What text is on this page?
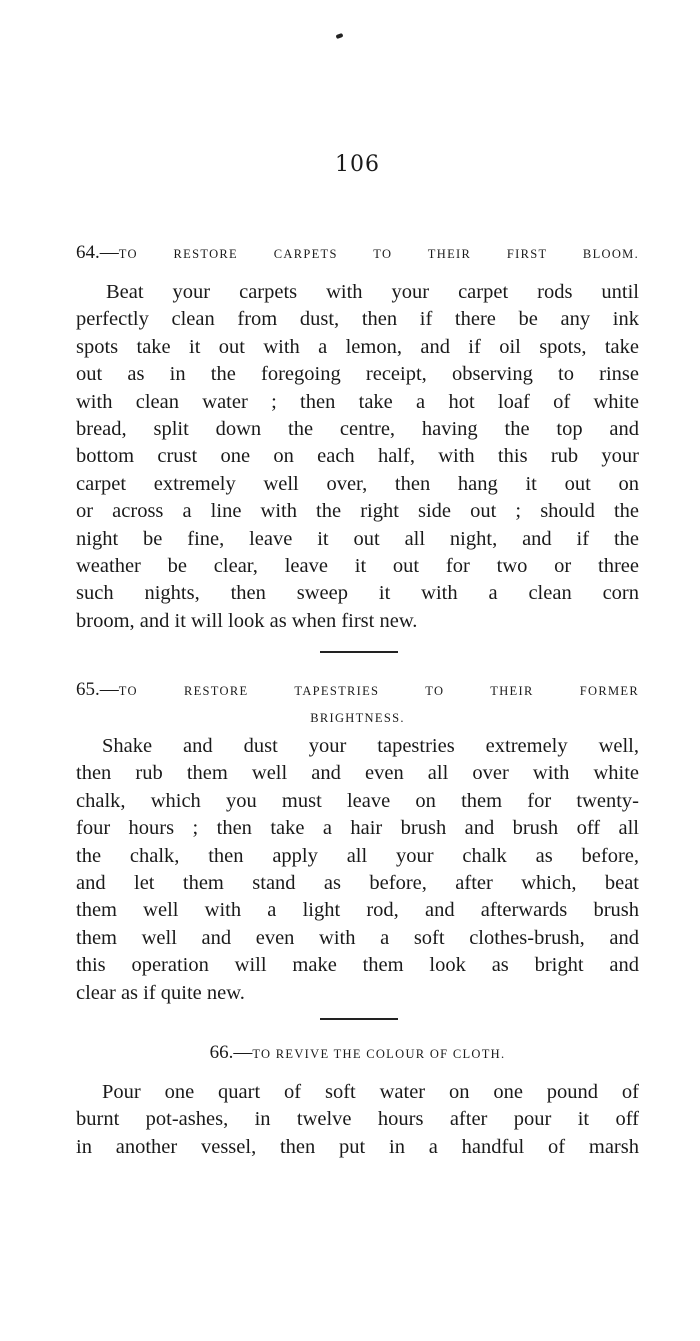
106
64.—TO RESTORE CARPETS TO THEIR FIRST BLOOM.
Beat your carpets with your carpet rods until
perfectly clean from dust, then if there be any ink
spots take it out with a lemon, and if oil spots, take
out as in the foregoing receipt, observing to rinse
with clean water ; then take a hot loaf of white
bread, split down the centre, having the top and
bottom crust one on each half, with this rub your
carpet extremely well over, then hang it out on
or across a line with the right side out ; should the
night be fine, leave it out all night, and if the
weather be clear, leave it out for two or three
such nights, then sweep it with a clean corn
broom, and it will look as when first new.
65.—TO RESTORE TAPESTRIES TO THEIR FORMER
BRIGHTNESS.
Shake and dust your tapestries extremely well,
then rub them well and even all over with white
chalk, which you must leave on them for twenty-
four hours ; then take a hair brush and brush off all
the chalk, then apply all your chalk as before,
and let them stand as before, after which, beat
them well with a light rod, and afterwards brush
them well and even with a soft clothes-brush, and
this operation will make them look as bright and
clear as if quite new.
66.—TO REVIVE THE COLOUR OF CLOTH.
Pour one quart of soft water on one pound of
burnt pot-ashes, in twelve hours after pour it off
in another vessel, then put in a handful of marsh
